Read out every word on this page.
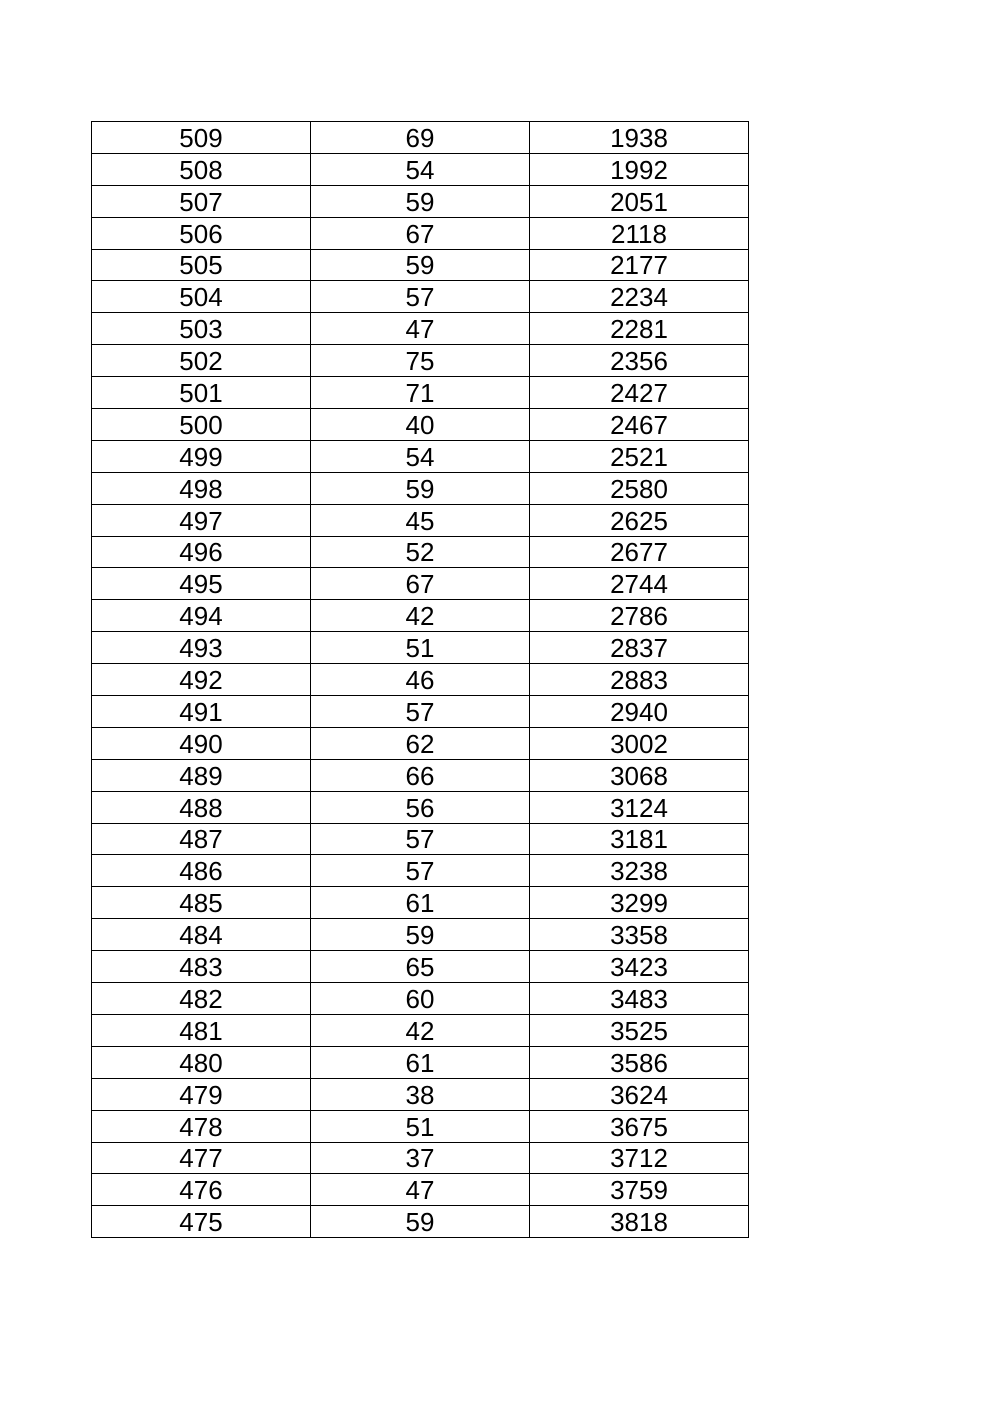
509	69	1938
508	54	1992
507	59	2051
506	67	2118
505	59	2177
504	57	2234
503	47	2281
502	75	2356
501	71	2427
500	40	2467
499	54	2521
498	59	2580
497	45	2625
496	52	2677
495	67	2744
494	42	2786
493	51	2837
492	46	2883
491	57	2940
490	62	3002
489	66	3068
488	56	3124
487	57	3181
486	57	3238
485	61	3299
484	59	3358
483	65	3423
482	60	3483
481	42	3525
480	61	3586
479	38	3624
478	51	3675
477	37	3712
476	47	3759
475	59	3818
